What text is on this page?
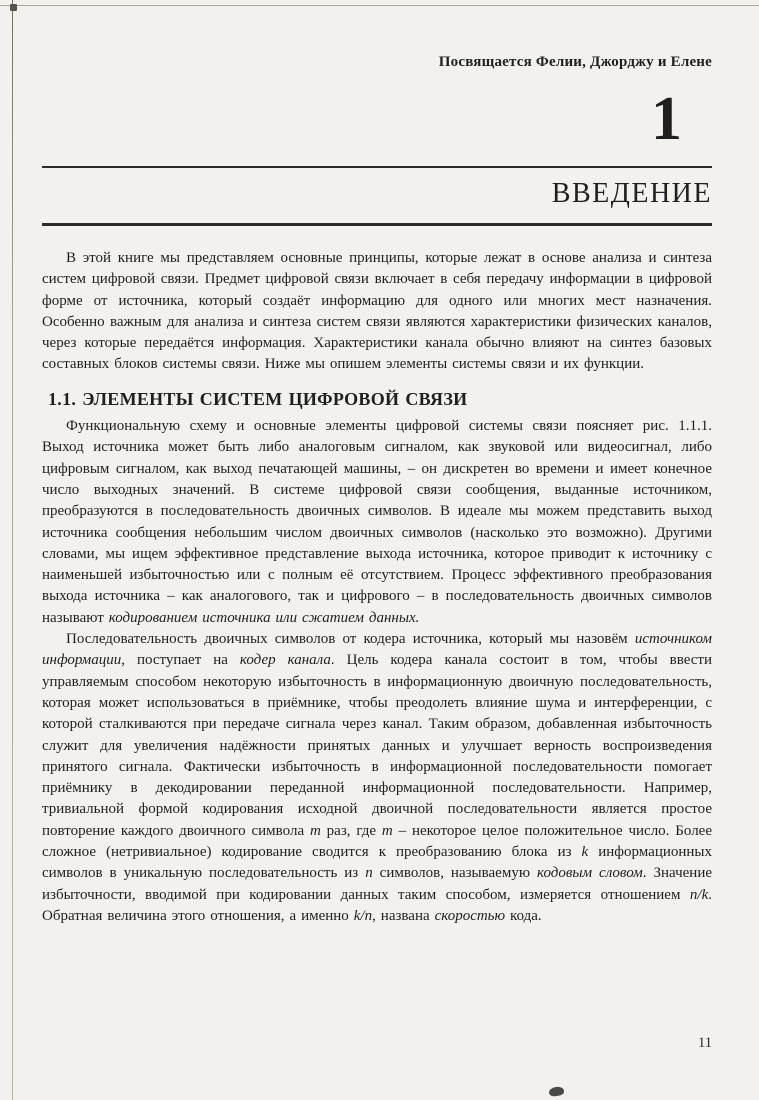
Посвящается Фелии, Джорджу и Елене
1
ВВЕДЕНИЕ

В этой книге мы представляем основные принципы, которые лежат в основе анализа и синтеза систем цифровой связи. Предмет цифровой связи включает в себя передачу информации в цифровой форме от источника, который создаёт информацию для одного или многих мест назначения. Особенно важным для анализа и синтеза систем связи являются характеристики физических каналов, через которые передаётся информация. Характеристики канала обычно влияют на синтез базовых составных блоков системы связи. Ниже мы опишем элементы системы связи и их функции.

1.1. ЭЛЕМЕНТЫ СИСТЕМ ЦИФРОВОЙ СВЯЗИ

Функциональную схему и основные элементы цифровой системы связи поясняет рис. 1.1.1. Выход источника может быть либо аналоговым сигналом, как звуковой или видеосигнал, либо цифровым сигналом, как выход печатающей машины, – он дискретен во времени и имеет конечное число выходных значений. В системе цифровой связи сообщения, выданные источником, преобразуются в последовательность двоичных символов. В идеале мы можем представить выход источника сообщения небольшим числом двоичных символов (насколько это возможно). Другими словами, мы ищем эффективное представление выхода источника, которое приводит к источнику с наименьшей избыточностью или с полным её отсутствием. Процесс эффективного преобразования выхода источника – как аналогового, так и цифрового – в последовательность двоичных символов называют кодированием источника или сжатием данных.

Последовательность двоичных символов от кодера источника, который мы назовём источником информации, поступает на кодер канала. Цель кодера канала состоит в том, чтобы ввести управляемым способом некоторую избыточность в информационную двоичную последовательность, которая может использоваться в приёмнике, чтобы преодолеть влияние шума и интерференции, с которой сталкиваются при передаче сигнала через канал. Таким образом, добавленная избыточность служит для увеличения надёжности принятых данных и улучшает верность воспроизведения принятого сигнала. Фактически избыточность в информационной последовательности помогает приёмнику в декодировании переданной информационной последовательности. Например, тривиальной формой кодирования исходной двоичной последовательности является простое повторение каждого двоичного символа m раз, где m – некоторое целое положительное число. Более сложное (нетривиальное) кодирование сводится к преобразованию блока из k информационных символов в уникальную последовательность из n символов, называемую кодовым словом. Значение избыточности, вводимой при кодировании данных таким способом, измеряется отношением n/k. Обратная величина этого отношения, а именно k/n, названа скоростью кода.

11
